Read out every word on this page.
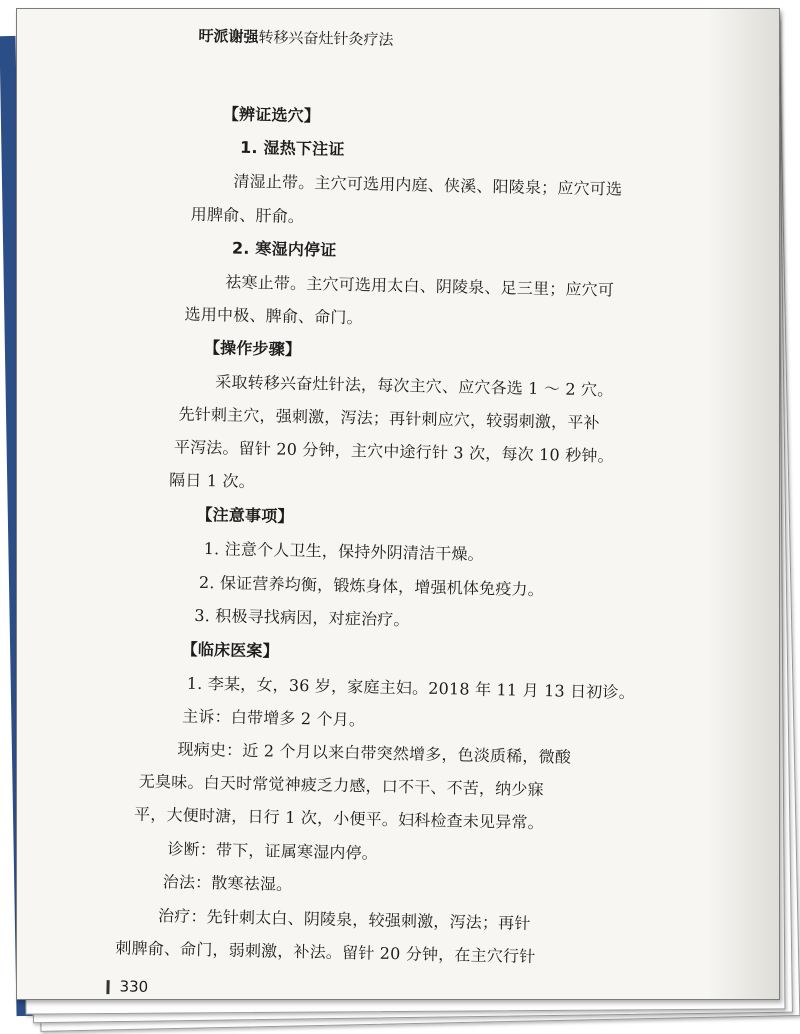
旴派谢强转移兴奋灶针灸疗法
【辨证选穴】
1. 湿热下注证
清湿止带。主穴可选用内庭、侠溪、阳陵泉；应穴可选
用脾俞、肝俞。
2. 寒湿内停证
祛寒止带。主穴可选用太白、阴陵泉、足三里；应穴可
选用中极、脾俞、命门。
【操作步骤】
采取转移兴奋灶针法，每次主穴、应穴各选 1 ～ 2 穴。
先针刺主穴，强刺激，泻法；再针刺应穴，较弱刺激，平补
平泻法。留针 20 分钟，主穴中途行针 3 次，每次 10 秒钟。
隔日 1 次。
【注意事项】
1. 注意个人卫生，保持外阴清洁干燥。
2. 保证营养均衡，锻炼身体，增强机体免疫力。
3. 积极寻找病因，对症治疗。
【临床医案】
1. 李某，女，36 岁，家庭主妇。2018 年 11 月 13 日初诊。
主诉：白带增多 2 个月。
现病史：近 2 个月以来白带突然增多，色淡质稀，微酸
无臭味。白天时常觉神疲乏力感，口不干、不苦，纳少寐
平，大便时溏，日行 1 次，小便平。妇科检查未见异常。
诊断：带下，证属寒湿内停。
治法：散寒祛湿。
治疗：先针刺太白、阴陵泉，较强刺激，泻法；再针
刺脾俞、命门，弱刺激，补法。留针 20 分钟，在主穴行针
330
